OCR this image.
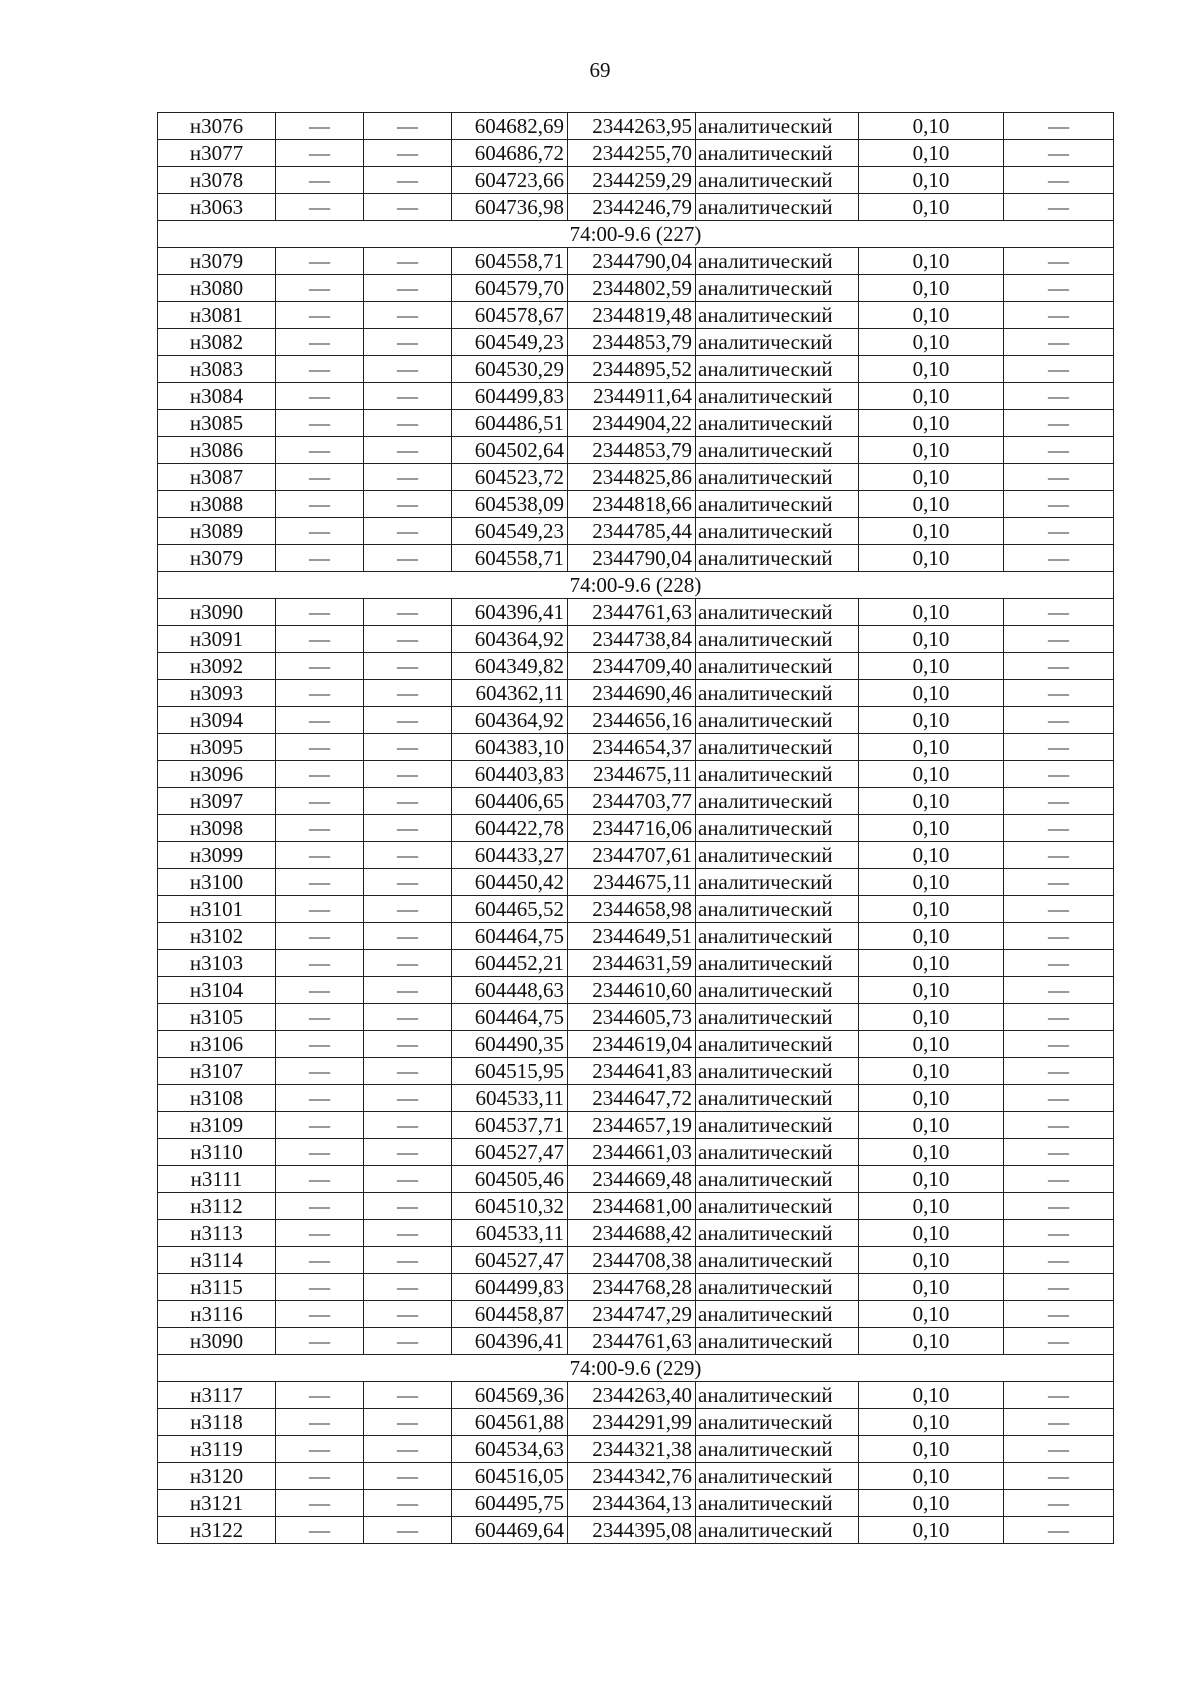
69
н3076	—	—	604682,69	2344263,95	аналитический	0,10	—
н3077	—	—	604686,72	2344255,70	аналитический	0,10	—
н3078	—	—	604723,66	2344259,29	аналитический	0,10	—
н3063	—	—	604736,98	2344246,79	аналитический	0,10	—
74:00-9.6 (227)							
н3079	—	—	604558,71	2344790,04	аналитический	0,10	—
н3080	—	—	604579,70	2344802,59	аналитический	0,10	—
н3081	—	—	604578,67	2344819,48	аналитический	0,10	—
н3082	—	—	604549,23	2344853,79	аналитический	0,10	—
н3083	—	—	604530,29	2344895,52	аналитический	0,10	—
н3084	—	—	604499,83	2344911,64	аналитический	0,10	—
н3085	—	—	604486,51	2344904,22	аналитический	0,10	—
н3086	—	—	604502,64	2344853,79	аналитический	0,10	—
н3087	—	—	604523,72	2344825,86	аналитический	0,10	—
н3088	—	—	604538,09	2344818,66	аналитический	0,10	—
н3089	—	—	604549,23	2344785,44	аналитический	0,10	—
н3079	—	—	604558,71	2344790,04	аналитический	0,10	—
74:00-9.6 (228)							
н3090	—	—	604396,41	2344761,63	аналитический	0,10	—
н3091	—	—	604364,92	2344738,84	аналитический	0,10	—
н3092	—	—	604349,82	2344709,40	аналитический	0,10	—
н3093	—	—	604362,11	2344690,46	аналитический	0,10	—
н3094	—	—	604364,92	2344656,16	аналитический	0,10	—
н3095	—	—	604383,10	2344654,37	аналитический	0,10	—
н3096	—	—	604403,83	2344675,11	аналитический	0,10	—
н3097	—	—	604406,65	2344703,77	аналитический	0,10	—
н3098	—	—	604422,78	2344716,06	аналитический	0,10	—
н3099	—	—	604433,27	2344707,61	аналитический	0,10	—
н3100	—	—	604450,42	2344675,11	аналитический	0,10	—
н3101	—	—	604465,52	2344658,98	аналитический	0,10	—
н3102	—	—	604464,75	2344649,51	аналитический	0,10	—
н3103	—	—	604452,21	2344631,59	аналитический	0,10	—
н3104	—	—	604448,63	2344610,60	аналитический	0,10	—
н3105	—	—	604464,75	2344605,73	аналитический	0,10	—
н3106	—	—	604490,35	2344619,04	аналитический	0,10	—
н3107	—	—	604515,95	2344641,83	аналитический	0,10	—
н3108	—	—	604533,11	2344647,72	аналитический	0,10	—
н3109	—	—	604537,71	2344657,19	аналитический	0,10	—
н3110	—	—	604527,47	2344661,03	аналитический	0,10	—
н3111	—	—	604505,46	2344669,48	аналитический	0,10	—
н3112	—	—	604510,32	2344681,00	аналитический	0,10	—
н3113	—	—	604533,11	2344688,42	аналитический	0,10	—
н3114	—	—	604527,47	2344708,38	аналитический	0,10	—
н3115	—	—	604499,83	2344768,28	аналитический	0,10	—
н3116	—	—	604458,87	2344747,29	аналитический	0,10	—
н3090	—	—	604396,41	2344761,63	аналитический	0,10	—
74:00-9.6 (229)							
н3117	—	—	604569,36	2344263,40	аналитический	0,10	—
н3118	—	—	604561,88	2344291,99	аналитический	0,10	—
н3119	—	—	604534,63	2344321,38	аналитический	0,10	—
н3120	—	—	604516,05	2344342,76	аналитический	0,10	—
н3121	—	—	604495,75	2344364,13	аналитический	0,10	—
н3122	—	—	604469,64	2344395,08	аналитический	0,10	—
